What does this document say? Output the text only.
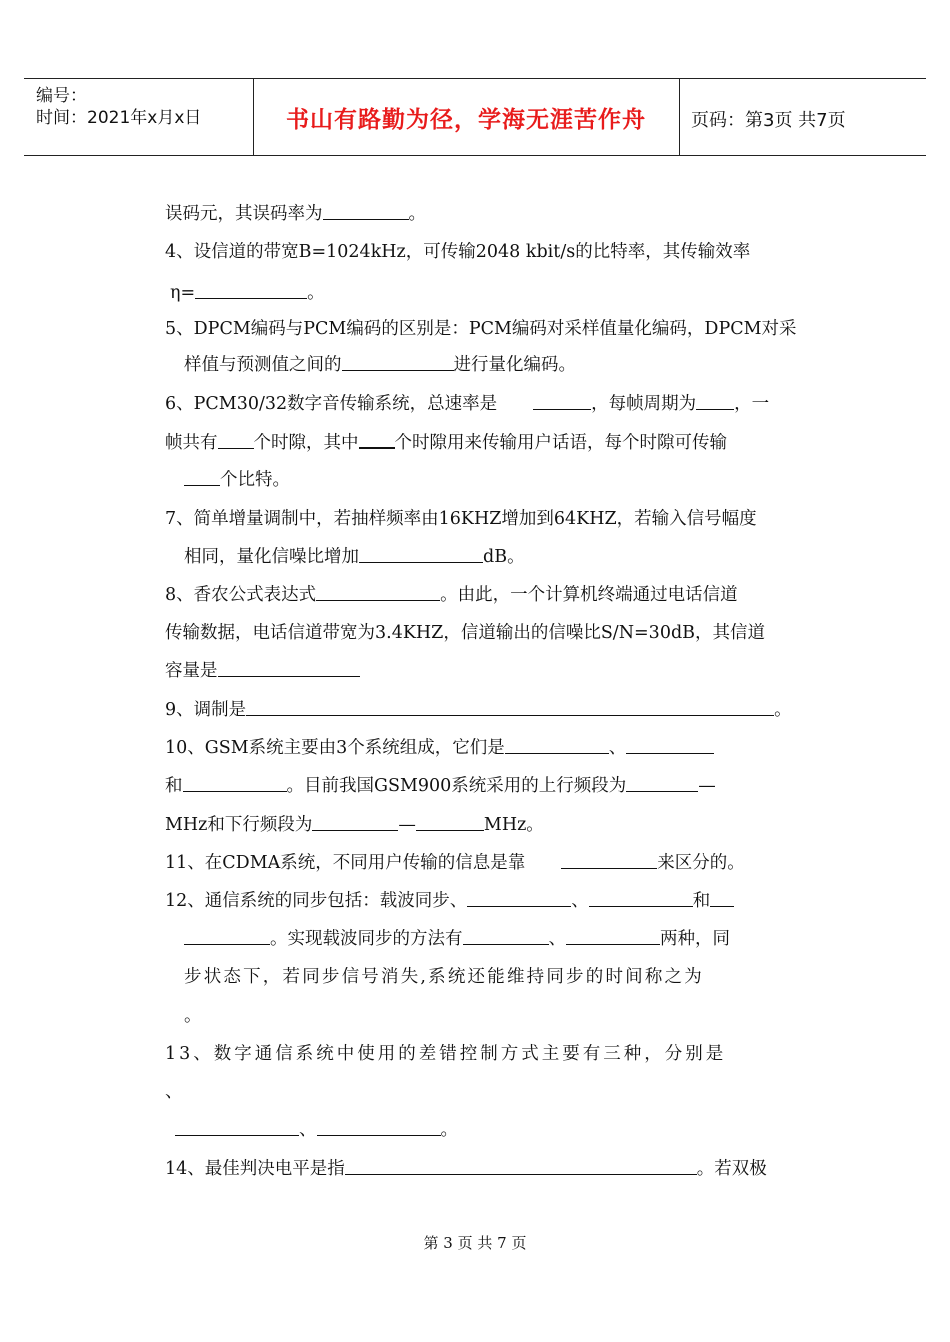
编号：
时间：2021年x月x日	书山有路勤为径，学海无涯苦作舟	页码：第3页 共7页
误码元，其误码率为	。
4、设信道的带宽B=1024kHz，可传输2048 kbit/s的比特率，其传输效率
η=	。
5、DPCM编码与PCM编码的区别是：PCM编码对采样值量化编码，DPCM对采
样值与预测值之间的	进行量化编码。
6、PCM30/32数字音传输系统，总速率是	，每帧周期为 ，一
帧共有 个时隙，其中 个时隙用来传输用户话语，每个时隙可传输
个比特。
7、简单增量调制中，若抽样频率由16KHZ增加到64KHZ，若输入信号幅度
相同，量化信噪比增加	dB。
8、香农公式表达式	。由此，一个计算机终端通过电话信道
传输数据，电话信道带宽为3.4KHZ，信道输出的信噪比S/N=30dB，其信道
容量是
9、调制是	。
10、GSM系统主要由3个系统组成，它们是	、
和	。目前我国GSM900系统采用的上行频段为	—
MHz和下行频段为	—	MHz。
11、在CDMA系统，不同用户传输的信息是靠	来区分的。
12、通信系统的同步包括：载波同步、	、	和
。实现载波同步的方法有	、	两种，同
步状态下，若同步信号消失,系统还能维持同步的时间称之为
。
13、数字通信系统中使用的差错控制方式主要有三种，分别是
、
、	。
14、最佳判决电平是指	。若双极
第 3 页 共 7 页
